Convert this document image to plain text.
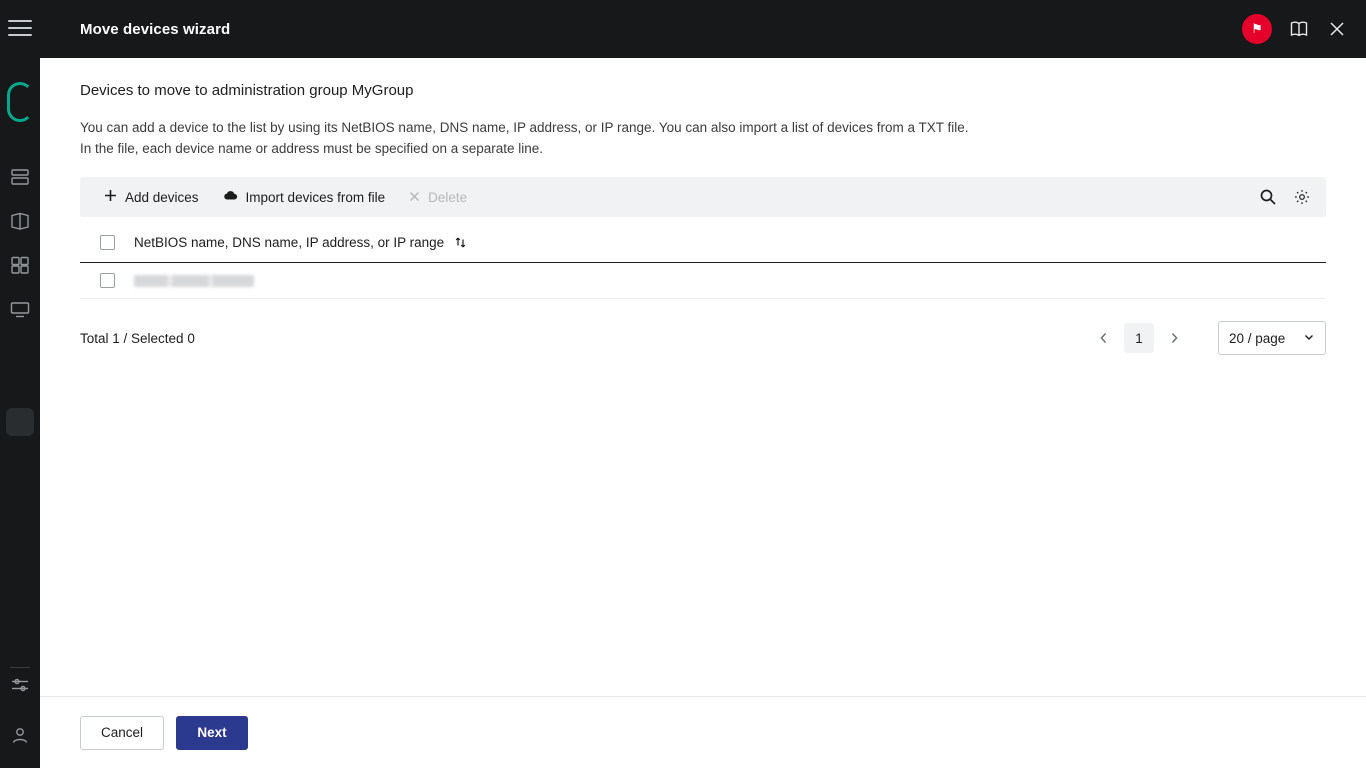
Move devices wizard	⚑
Devices to move to administration group MyGroup
You can add a device to the list by using its NetBIOS name, DNS name, IP address, or IP range. You can also import a list of devices from a TXT file. In the file, each device name or address must be specified on a separate line.
Add devices	Import devices from file	Delete
NetBIOS name, DNS name, IP address, or IP range
Total 1 / Selected 0	1	20 / page
Cancel	Next
